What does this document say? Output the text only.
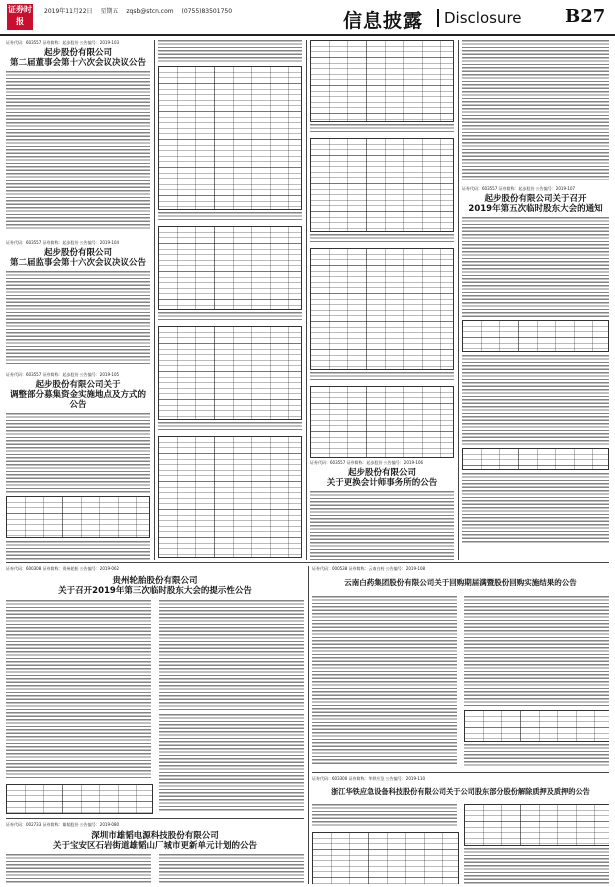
证券时报
2019年11月22日 星期五 zqsb@stcn.com (0755)83501750	信息披露	Disclosure B27
证券代码：603557 证券简称：起步股份 公告编号：2019-103
起步股份有限公司
第二届董事会第十六次会议决议公告
证券代码：603557 证券简称：起步股份 公告编号：2019-104
起步股份有限公司
第二届监事会第十六次会议决议公告
证券代码：603557 证券简称：起步股份 公告编号：2019-105
起步股份有限公司关于
调整部分募集资金实施地点及方式的
公告
证券代码：603557 证券简称：起步股份 公告编号：2019-106
起步股份有限公司
关于更换会计师事务所的公告
证券代码：603557 证券简称：起步股份 公告编号：2019-107
起步股份有限公司关于召开
2019年第五次临时股东大会的通知
证券代码：600308 证券简称：贵州轮胎 公告编号：2019-062
贵州轮胎股份有限公司
关于召开2019年第三次临时股东大会的提示性公告
证券代码：002733 证券简称：雄韬股份 公告编号：2019-080
深圳市雄韬电源科技股份有限公司
关于宝安区石岩街道雄韬山厂城市更新单元计划的公告
证券代码：000538 证券简称：云南白药 公告编号：2019-108
云南白药集团股份有限公司关于回购期届满暨股份回购实施结果的公告
证券代码：603300 证券简称：华铁应急 公告编号：2019-110
浙江华铁应急设备科技股份有限公司关于公司股东部分股份解除质押及质押的公告
